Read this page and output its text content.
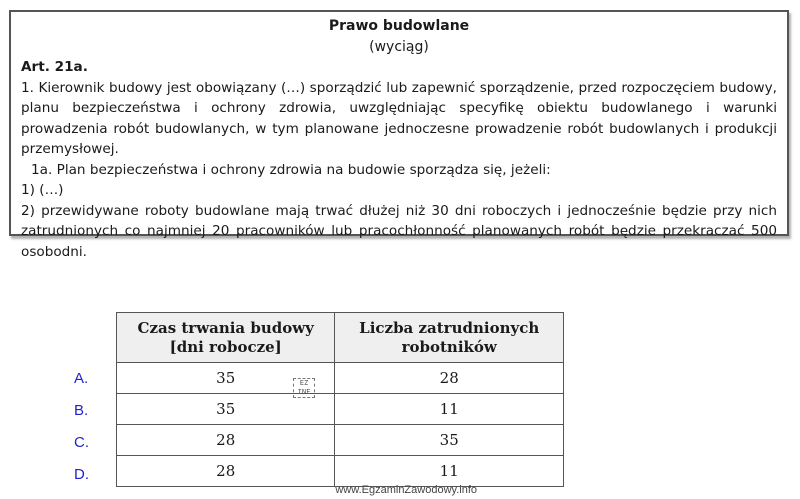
Prawo budowlane
(wyciąg)
Art. 21a.

1. Kierownik budowy jest obowiązany (…) sporządzić lub zapewnić sporządzenie, przed rozpoczęciem budowy, planu bezpieczeństwa i ochrony zdrowia, uwzględniając specyfikę obiektu budowlanego i warunki prowadzenia robót budowlanych, w tym planowane jednoczesne prowadzenie robót budowlanych i produkcji przemysłowej.

1a. Plan bezpieczeństwa i ochrony zdrowia na budowie sporządza się, jeżeli:

1) (…)

2) przewidywane roboty budowlane mają trwać dłużej niż 30 dni roboczych i jednocześnie będzie przy nich zatrudnionych co najmniej 20 pracowników lub pracochłonność planowanych robót będzie przekraczać 500 osobodni.

Czas trwania budowy [dni robocze]	Liczba zatrudnionych robotników
35	28
35	11
28	35
28	11
A.
B.
C.
D.
EZ INF
www.EgzaminZawodowy.info
